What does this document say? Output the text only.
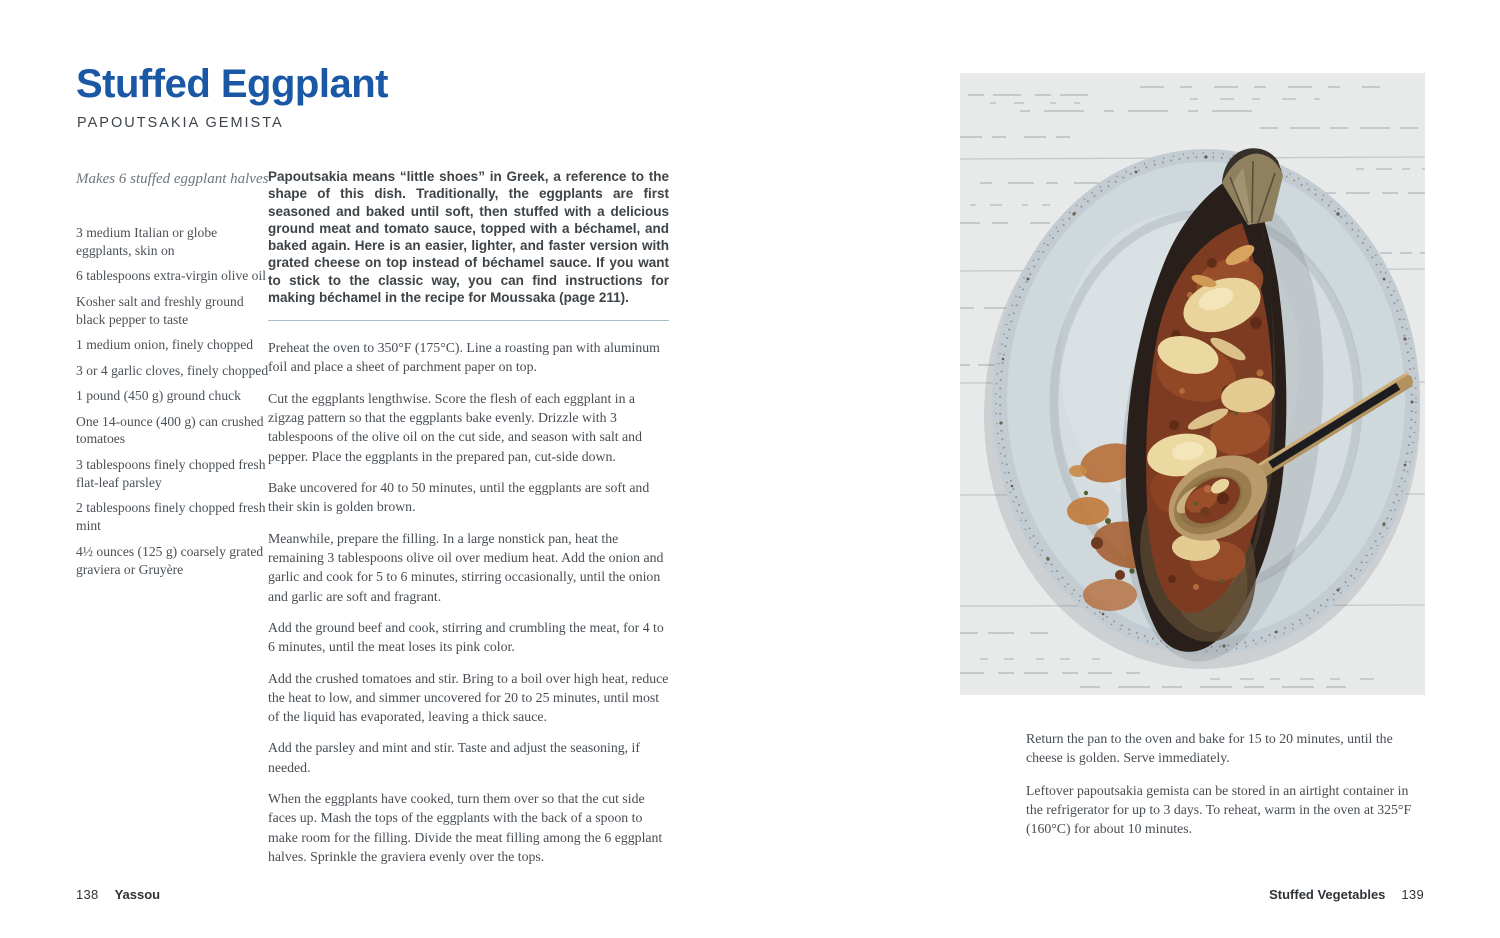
Stuffed Eggplant
PAPOUTSAKIA GEMISTA
Makes 6 stuffed eggplant halves

3 medium Italian or globe eggplants, skin on

6 tablespoons extra-virgin olive oil

Kosher salt and freshly ground black pepper to taste

1 medium onion, finely chopped

3 or 4 garlic cloves, finely chopped

1 pound (450 g) ground chuck

One 14-ounce (400 g) can crushed tomatoes

3 tablespoons finely chopped fresh flat-leaf parsley

2 tablespoons finely chopped fresh mint

4½ ounces (125 g) coarsely grated graviera or Gruyère

Papoutsakia means “little shoes” in Greek, a reference to the shape of this dish. Traditionally, the eggplants are first seasoned and baked until soft, then stuffed with a delicious ground meat and tomato sauce, topped with a béchamel, and baked again. Here is an easier, lighter, and faster version with grated cheese on top instead of béchamel sauce. If you want to stick to the classic way, you can find instructions for making béchamel in the recipe for Moussaka (page 211).

Preheat the oven to 350°F (175°C). Line a roasting pan with aluminum foil and place a sheet of parchment paper on top.

Cut the eggplants lengthwise. Score the flesh of each eggplant in a zigzag pattern so that the eggplants bake evenly. Drizzle with 3 tablespoons of the olive oil on the cut side, and season with salt and pepper. Place the eggplants in the prepared pan, cut-side down.

Bake uncovered for 40 to 50 minutes, until the eggplants are soft and their skin is golden brown.

Meanwhile, prepare the filling. In a large nonstick pan, heat the remaining 3 tablespoons olive oil over medium heat. Add the onion and garlic and cook for 5 to 6 minutes, stirring occasionally, until the onion and garlic are soft and fragrant.

Add the ground beef and cook, stirring and crumbling the meat, for 4 to 6 minutes, until the meat loses its pink color.

Add the crushed tomatoes and stir. Bring to a boil over high heat, reduce the heat to low, and simmer uncovered for 20 to 25 minutes, until most of the liquid has evaporated, leaving a thick sauce.

Add the parsley and mint and stir. Taste and adjust the seasoning, if needed.

When the eggplants have cooked, turn them over so that the cut side faces up. Mash the tops of the eggplants with the back of a spoon to make room for the filling. Divide the meat filling among the 6 eggplant halves. Sprinkle the graviera evenly over the tops.

Return the pan to the oven and bake for 15 to 20 minutes, until the cheese is golden. Serve immediately.

Leftover papoutsakia gemista can be stored in an airtight container in the refrigerator for up to 3 days. To reheat, warm in the oven at 325°F (160°C) for about 10 minutes.

138 Yassou	Stuffed Vegetables 139
